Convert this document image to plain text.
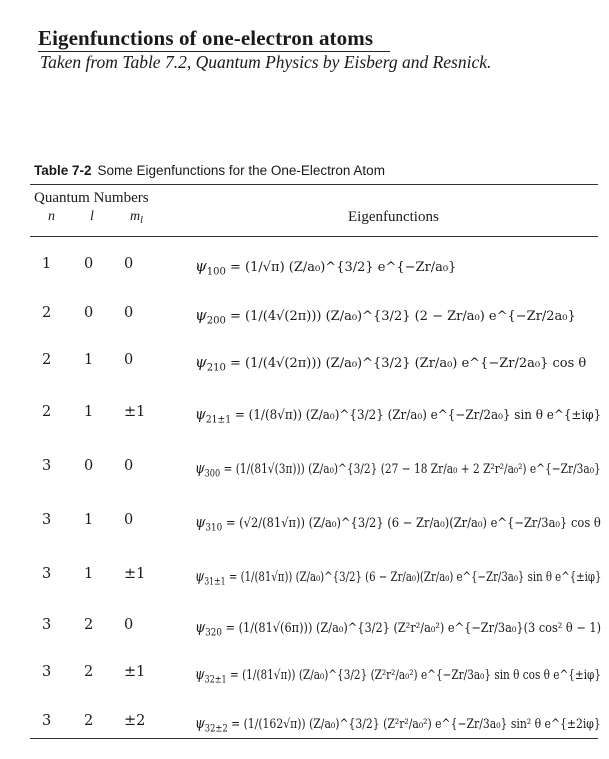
Eigenfunctions of one-electron atoms
Taken from Table 7.2, Quantum Physics by Eisberg and Resnick.
Table 7-2 Some Eigenfunctions for the One-Electron Atom
Quantum Numbers
n	l	$m_l$	Eigenfunctions
1 0 0	$\psi_{100} = (1/√\pi)$ (Z/a₀)^{3/2} e^{−Zr/a₀}
2 0 0	$\psi_{200} = (1/(4√(2\pi)))$ (Z/a₀)^{3/2} (2 − Zr/a₀) e^{−Zr/2a₀}
2 1 0	$\psi_{210} = (1/(4√(2\pi)))$ (Z/a₀)^{3/2} (Zr/a₀) e^{−Zr/2a₀} cos θ
2 1 ±1	$\psi_{21\pm 1} = (1/(8√\pi))$ (Z/a₀)^{3/2} (Zr/a₀) e^{−Zr/2a₀} sin θ e^{±iφ}
3 0 0	$\psi_{300} = (1/(81√(3\pi)))$ (Z/a₀)^{3/2} (27 − 18 Zr/a₀ + 2 Z²r²/a₀²) e^{−Zr/3a₀}
3 1 0	$\psi_{310} = (√2/(81√\pi))$ (Z/a₀)^{3/2} (6 − Zr/a₀)(Zr/a₀) e^{−Zr/3a₀} cos θ
3 1 ±1	$\psi_{31\pm 1} = (1/(81√\pi))$ (Z/a₀)^{3/2} (6 − Zr/a₀)(Zr/a₀) e^{−Zr/3a₀} sin θ e^{±iφ}
3 2 0	$\psi_{320} = (1/(81√(6\pi)))$ (Z/a₀)^{3/2} (Z²r²/a₀²) e^{−Zr/3a₀}(3 cos² θ − 1)
3 2 ±1	$\psi_{32\pm 1} = (1/(81√\pi))$ (Z/a₀)^{3/2} (Z²r²/a₀²) e^{−Zr/3a₀} sin θ cos θ e^{±iφ}
3 2 ±2	$\psi_{32\pm 2} = (1/(162√\pi))$ (Z/a₀)^{3/2} (Z²r²/a₀²) e^{−Zr/3a₀} sin² θ e^{±2iφ}
